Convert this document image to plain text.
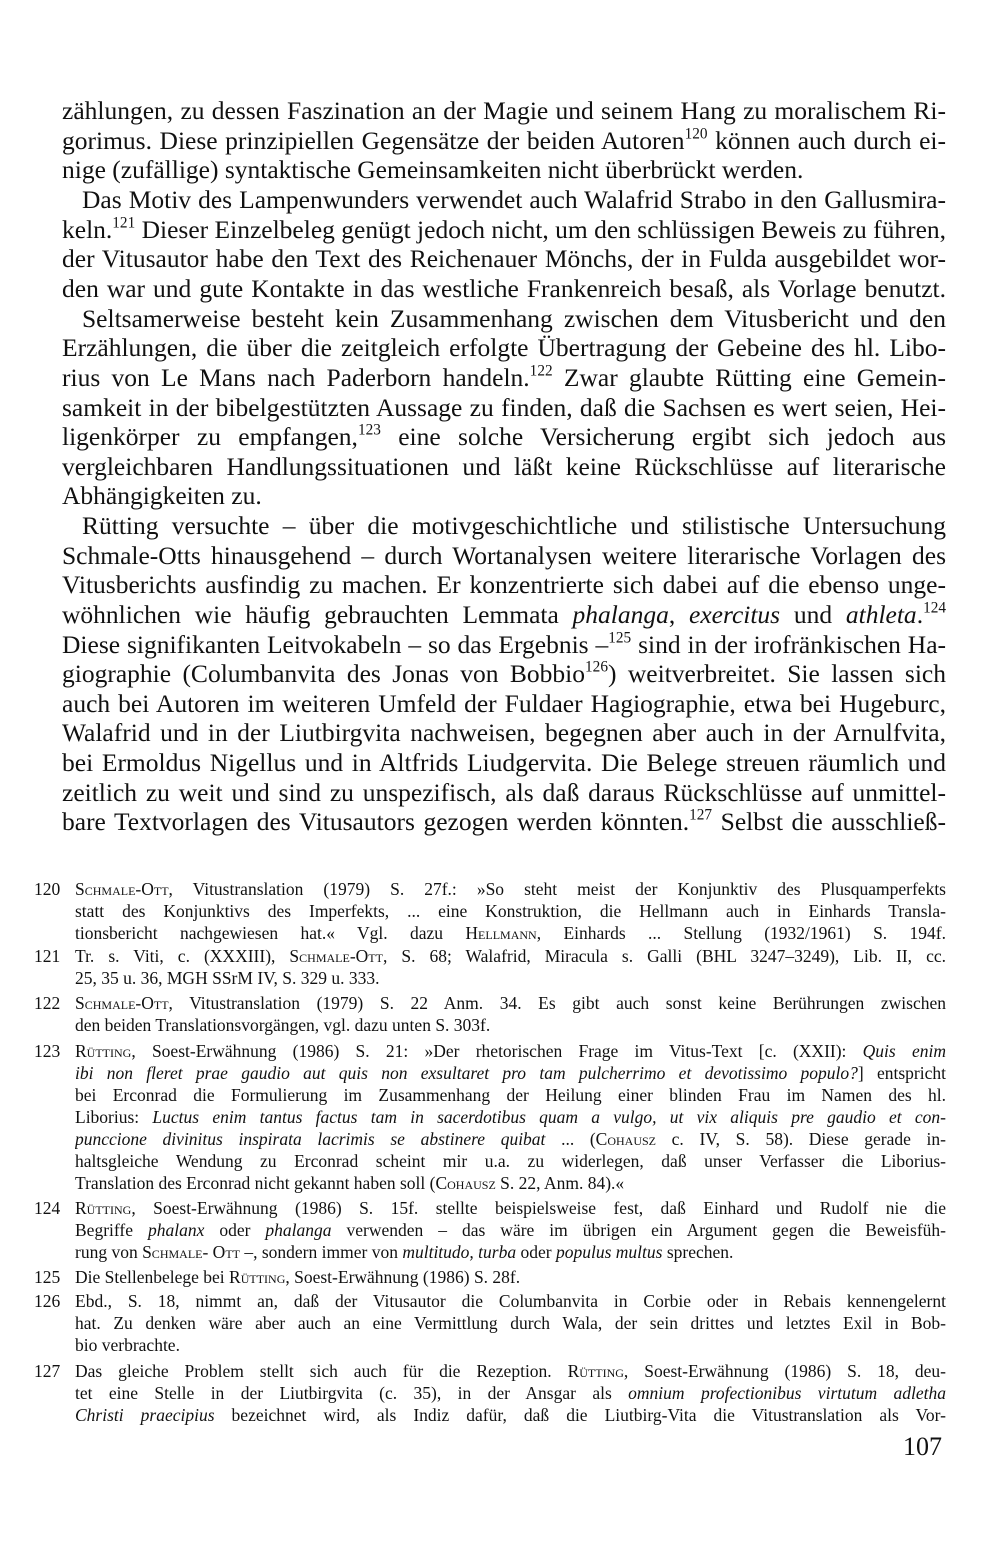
zählungen, zu dessen Faszination an der Magie und seinem Hang zu moralischem Ri-
gorimus. Diese prinzipiellen Gegensätze der beiden Autoren$^{120}$ können auch durch ei-
nige (zufällige) syntaktische Gemeinsamkeiten nicht überbrückt werden.
Das Motiv des Lampenwunders verwendet auch Walafrid Strabo in den Gallusmira-
keln.$^{121}$ Dieser Einzelbeleg genügt jedoch nicht, um den schlüssigen Beweis zu führen,
der Vitusautor habe den Text des Reichenauer Mönchs, der in Fulda ausgebildet wor-
den war und gute Kontakte in das westliche Frankenreich besaß, als Vorlage benutzt.
Seltsamerweise besteht kein Zusammenhang zwischen dem Vitusbericht und den
Erzählungen, die über die zeitgleich erfolgte Übertragung der Gebeine des hl. Libo-
rius von Le Mans nach Paderborn handeln.$^{122}$ Zwar glaubte Rütting eine Gemein-
samkeit in der bibelgestützten Aussage zu finden, daß die Sachsen es wert seien, Hei-
ligenkörper zu empfangen,$^{123}$ eine solche Versicherung ergibt sich jedoch aus
vergleichbaren Handlungssituationen und läßt keine Rückschlüsse auf literarische
Abhängigkeiten zu.
Rütting versuchte – über die motivgeschichtliche und stilistische Untersuchung
Schmale-Otts hinausgehend – durch Wortanalysen weitere literarische Vorlagen des
Vitusberichts ausfindig zu machen. Er konzentrierte sich dabei auf die ebenso unge-
wöhnlichen wie häufig gebrauchten Lemmata phalanga, exercitus und athleta.$^{124}$
Diese signifikanten Leitvokabeln – so das Ergebnis –$^{125}$ sind in der irofränkischen Ha-
giographie (Columbanvita des Jonas von Bobbio$^{126}$) weitverbreitet. Sie lassen sich
auch bei Autoren im weiteren Umfeld der Fuldaer Hagiographie, etwa bei Hugeburc,
Walafrid und in der Liutbirgvita nachweisen, begegnen aber auch in der Arnulfvita,
bei Ermoldus Nigellus und in Altfrids Liudgervita. Die Belege streuen räumlich und
zeitlich zu weit und sind zu unspezifisch, als daß daraus Rückschlüsse auf unmittel-
bare Textvorlagen des Vitusautors gezogen werden könnten.$^{127}$ Selbst die ausschließ-
120 Schmale-Ott, Vitustranslation (1979) S. 27f.: »So steht meist der Konjunktiv des Plusquamperfekts
statt des Konjunktivs des Imperfekts, ... eine Konstruktion, die Hellmann auch in Einhards Transla-
tionsbericht nachgewiesen hat.« Vgl. dazu Hellmann, Einhards ... Stellung (1932/1961) S. 194f.
121 Tr. s. Viti, c. (XXXIII), Schmale-Ott, S. 68; Walafrid, Miracula s. Galli (BHL 3247–3249), Lib. II, cc.
25, 35 u. 36, MGH SSrM IV, S. 329 u. 333.
122 Schmale-Ott, Vitustranslation (1979) S. 22 Anm. 34. Es gibt auch sonst keine Berührungen zwischen
den beiden Translationsvorgängen, vgl. dazu unten S. 303f.
123 Rütting, Soest-Erwähnung (1986) S. 21: »Der rhetorischen Frage im Vitus-Text [c. (XXII): Quis enim
ibi non fleret prae gaudio aut quis non exsultaret pro tam pulcherrimo et devotissimo populo?] entspricht
bei Erconrad die Formulierung im Zusammenhang der Heilung einer blinden Frau im Namen des hl.
Liborius: Luctus enim tantus factus tam in sacerdotibus quam a vulgo, ut vix aliquis pre gaudio et con-
punccione divinitus inspirata lacrimis se abstinere quibat ... (Cohausz c. IV, S. 58). Diese gerade in-
haltsgleiche Wendung zu Erconrad scheint mir u.a. zu widerlegen, daß unser Verfasser die Liborius-
Translation des Erconrad nicht gekannt haben soll (Cohausz S. 22, Anm. 84).«
124 Rütting, Soest-Erwähnung (1986) S. 15f. stellte beispielsweise fest, daß Einhard und Rudolf nie die
Begriffe phalanx oder phalanga verwenden – das wäre im übrigen ein Argument gegen die Beweisfüh-
rung von Schmale- Ott –, sondern immer von multitudo, turba oder populus multus sprechen.
125 Die Stellenbelege bei Rütting, Soest-Erwähnung (1986) S. 28f.
126 Ebd., S. 18, nimmt an, daß der Vitusautor die Columbanvita in Corbie oder in Rebais kennengelernt
hat. Zu denken wäre aber auch an eine Vermittlung durch Wala, der sein drittes und letztes Exil in Bob-
bio verbrachte.
127 Das gleiche Problem stellt sich auch für die Rezeption. Rütting, Soest-Erwähnung (1986) S. 18, deu-
tet eine Stelle in der Liutbirgvita (c. 35), in der Ansgar als omnium profectionibus virtutum adletha
Christi praecipius bezeichnet wird, als Indiz dafür, daß die Liutbirg-Vita die Vitustranslation als Vor-
107
